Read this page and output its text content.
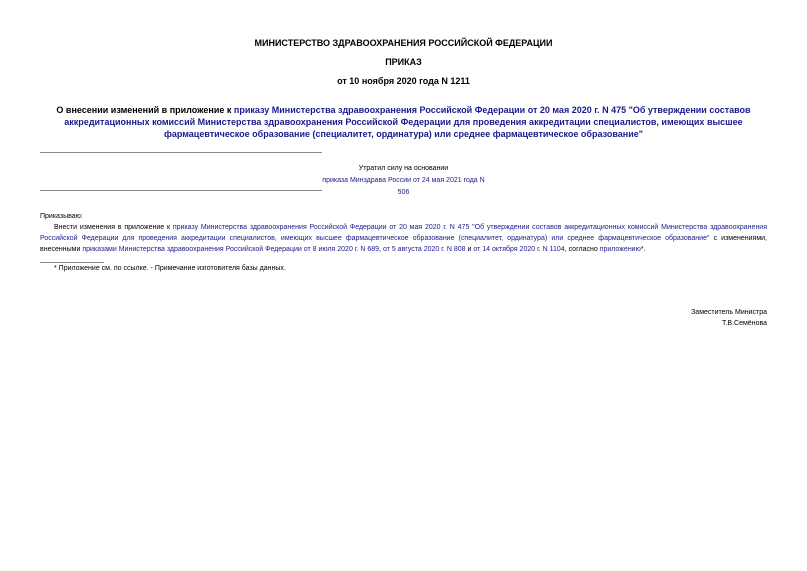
МИНИСТЕРСТВО ЗДРАВООХРАНЕНИЯ РОССИЙСКОЙ ФЕДЕРАЦИИ
ПРИКАЗ
от 10 ноября 2020 года N 1211
О внесении изменений в приложение к приказу Министерства здравоохранения Российской Федерации от 20 мая 2020 г. N 475 "Об утверждении составов аккредитационных комиссий Министерства здравоохранения Российской Федерации для проведения аккредитации специалистов, имеющих высшее фармацевтическое образование (специалитет, ординатура) или среднее фармацевтическое образование"
Утратил силу на основании
приказа Минздрава России от 24 мая 2021 года N 506
Приказываю:

Внести изменения в приложение к приказу Министерства здравоохранения Российской Федерации от 20 мая 2020 г. N 475 "Об утверждении составов аккредитационных комиссий Министерства здравоохранения Российской Федерации для проведения аккредитации специалистов, имеющих высшее фармацевтическое образование (специалитет, ординатура) или среднее фармацевтическое образование" с изменениями, внесенными приказами Министерства здравоохранения Российской Федерации от 8 июля 2020 г. N 689, от 5 августа 2020 г. N 808 и от 14 октября 2020 г. N 1104, согласно приложению*.

* Приложение см. по ссылке. - Примечание изготовителя базы данных.
Заместитель Министра
Т.В.Семёнова
